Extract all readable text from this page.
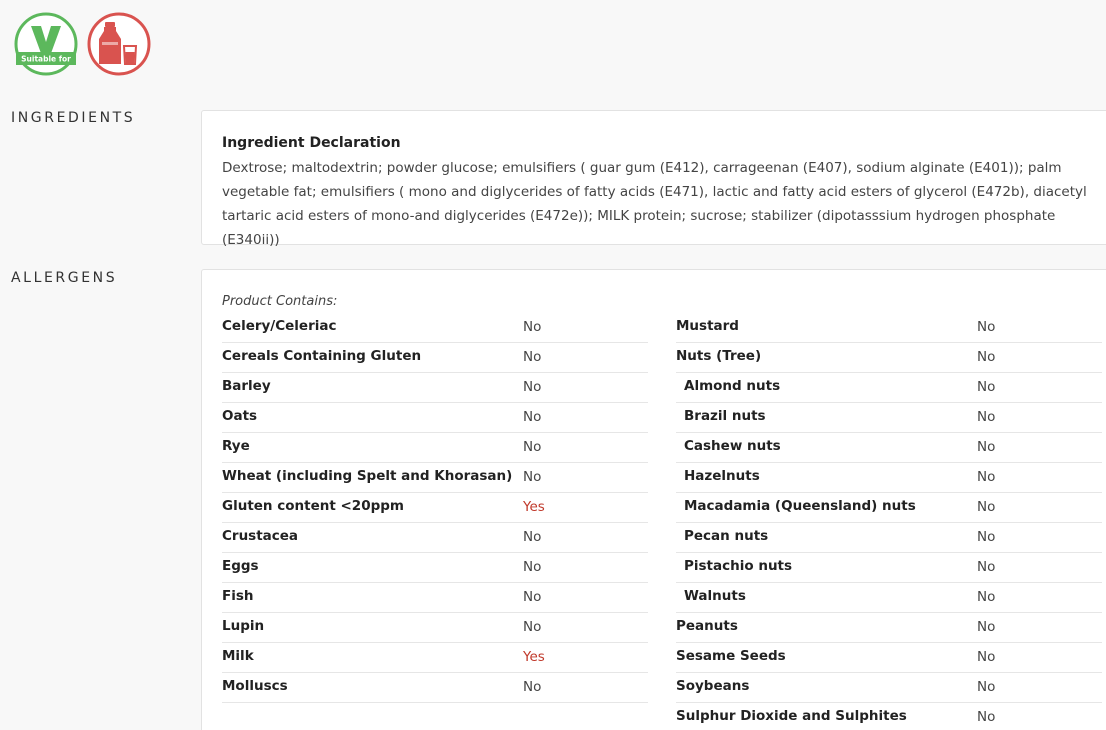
Suitable for
INGREDIENTS
Ingredient Declaration
Dextrose; maltodextrin; powder glucose; emulsifiers ( guar gum (E412), carrageenan (E407), sodium alginate (E401)); palm vegetable fat; emulsifiers ( mono and diglycerides of fatty acids (E471), lactic and fatty acid esters of glycerol (E472b), diacetyl tartaric acid esters of mono-and diglycerides (E472e)); MILK protein; sucrose; stabilizer (dipotasssium hydrogen phosphate (E340ii))
ALLERGENS
Product Contains:
Celery/Celeriac	No
Cereals Containing Gluten	No
Barley	No
Oats	No
Rye	No
Wheat (including Spelt and Khorasan) No
Gluten content <20ppm	Yes
Crustacea	No
Eggs	No
Fish	No
Lupin	No
Milk	Yes
Molluscs	No
Mustard	No
Nuts (Tree)	No
Almond nuts	No
Brazil nuts	No
Cashew nuts	No
Hazelnuts	No
Macadamia (Queensland) nuts	No
Pecan nuts	No
Pistachio nuts	No
Walnuts	No
Peanuts	No
Sesame Seeds	No
Soybeans	No
Sulphur Dioxide and Sulphites	No
